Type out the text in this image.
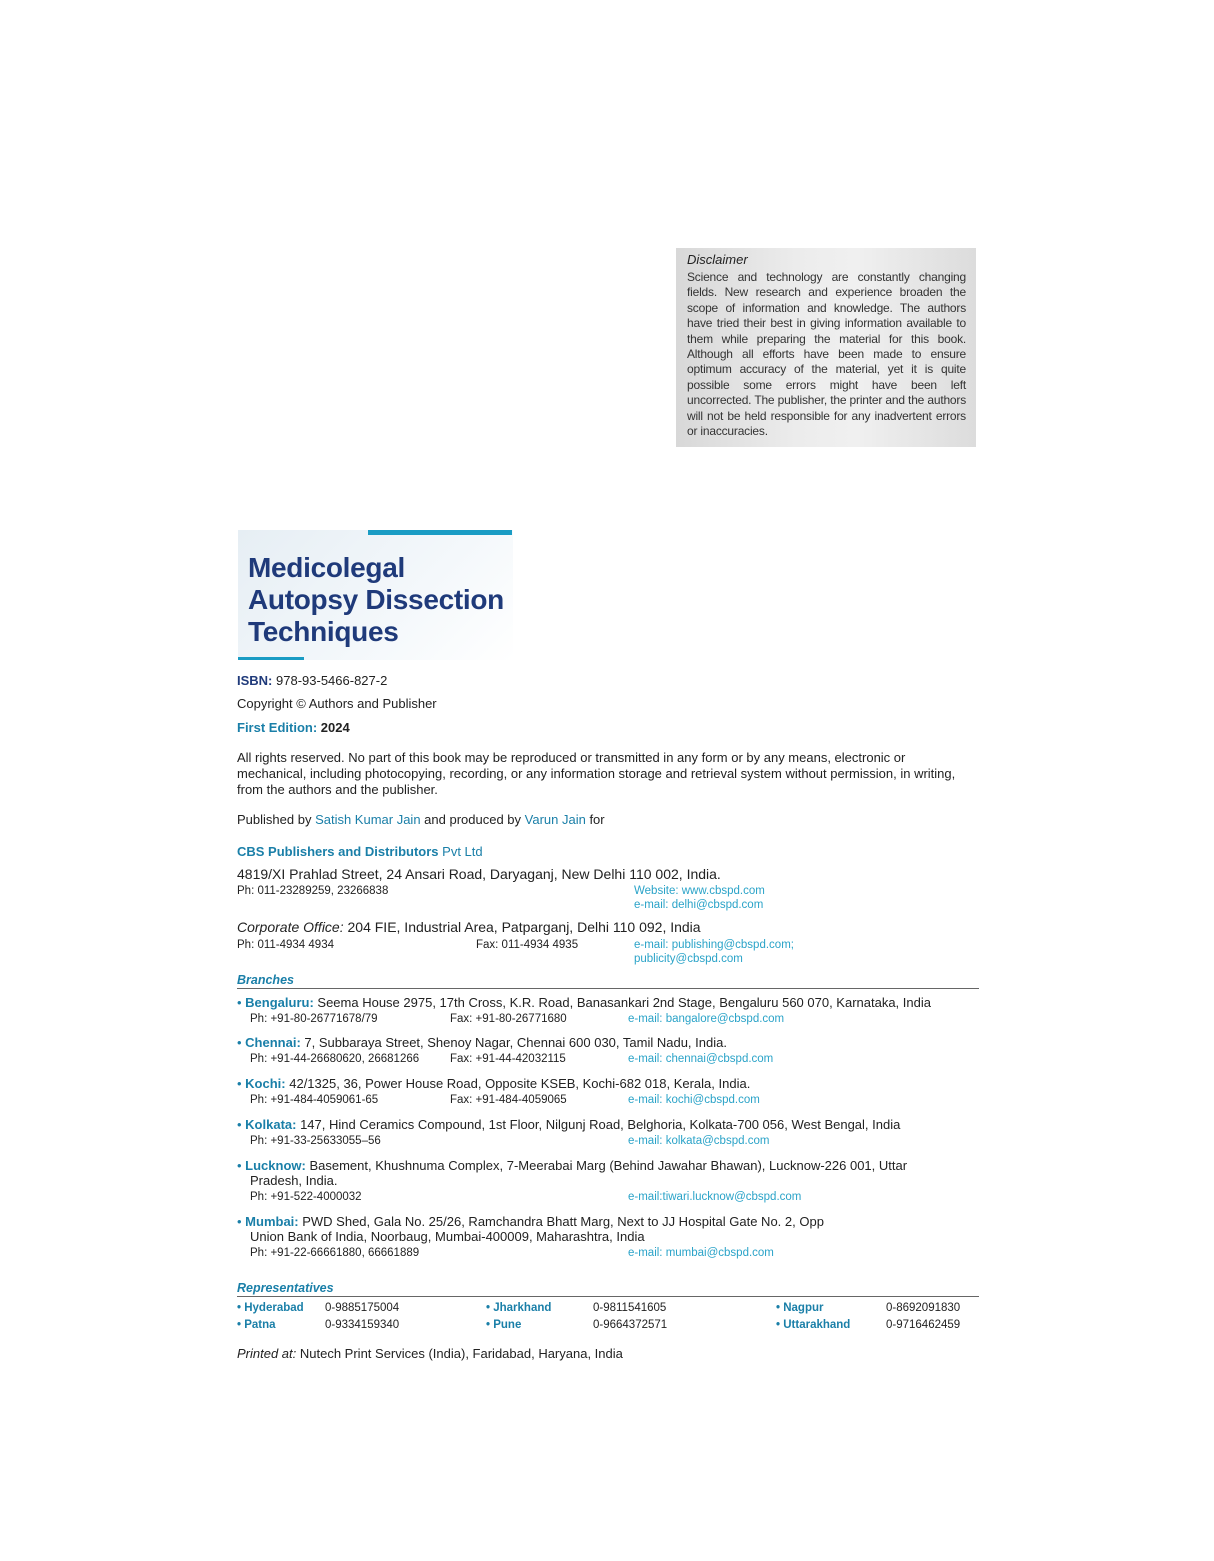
Disclaimer
Science and technology are constantly changing fields. New research and experience broaden the scope of information and knowledge. The authors have tried their best in giving information available to them while preparing the material for this book. Although all efforts have been made to ensure optimum accuracy of the material, yet it is quite possible some errors might have been left uncorrected. The publisher, the printer and the authors will not be held responsible for any inadvertent errors or inaccuracies.
Medicolegal
Autopsy Dissection
Techniques
ISBN: 978-93-5466-827-2
Copyright © Authors and Publisher
First Edition: 2024
All rights reserved. No part of this book may be reproduced or transmitted in any form or by any means, electronic or mechanical, including photocopying, recording, or any information storage and retrieval system without permission, in writing, from the authors and the publisher.
Published by Satish Kumar Jain and produced by Varun Jain for
CBS Publishers and Distributors Pvt Ltd
4819/XI Prahlad Street, 24 Ansari Road, Daryaganj, New Delhi 110 002, India.
Ph: 011-23289259, 23266838	Website: www.cbspd.com
e-mail: delhi@cbspd.com
Corporate Office: 204 FIE, Industrial Area, Patparganj, Delhi 110 092, India
Ph: 011-4934 4934	Fax: 011-4934 4935	e-mail: publishing@cbspd.com;
publicity@cbspd.com
Branches
• Bengaluru: Seema House 2975, 17th Cross, K.R. Road, Banasankari 2nd Stage, Bengaluru 560 070, Karnataka, India
Ph: +91-80-26771678/79	Fax: +91-80-26771680	e-mail: bangalore@cbspd.com
• Chennai: 7, Subbaraya Street, Shenoy Nagar, Chennai 600 030, Tamil Nadu, India.
Ph: +91-44-26680620, 26681266	Fax: +91-44-42032115	e-mail: chennai@cbspd.com
• Kochi: 42/1325, 36, Power House Road, Opposite KSEB, Kochi-682 018, Kerala, India.
Ph: +91-484-4059061-65	Fax: +91-484-4059065	e-mail: kochi@cbspd.com
• Kolkata: 147, Hind Ceramics Compound, 1st Floor, Nilgunj Road, Belghoria, Kolkata-700 056, West Bengal, India
Ph: +91-33-25633055–56	e-mail: kolkata@cbspd.com
• Lucknow: Basement, Khushnuma Complex, 7-Meerabai Marg (Behind Jawahar Bhawan), Lucknow-226 001, Uttar Pradesh, India.
Ph: +91-522-4000032	e-mail:tiwari.lucknow@cbspd.com
• Mumbai: PWD Shed, Gala No. 25/26, Ramchandra Bhatt Marg, Next to JJ Hospital Gate No. 2, Opp Union Bank of India, Noorbaug, Mumbai-400009, Maharashtra, India
Ph: +91-22-66661880, 66661889	e-mail: mumbai@cbspd.com
Representatives
• Hyderabad 0-9885175004	• Jharkhand	0-9811541605	• Nagpur	0-8692091830
• Patna	0-9334159340	• Pune	0-9664372571	• Uttarakhand	0-9716462459
Printed at: Nutech Print Services (India), Faridabad, Haryana, India
